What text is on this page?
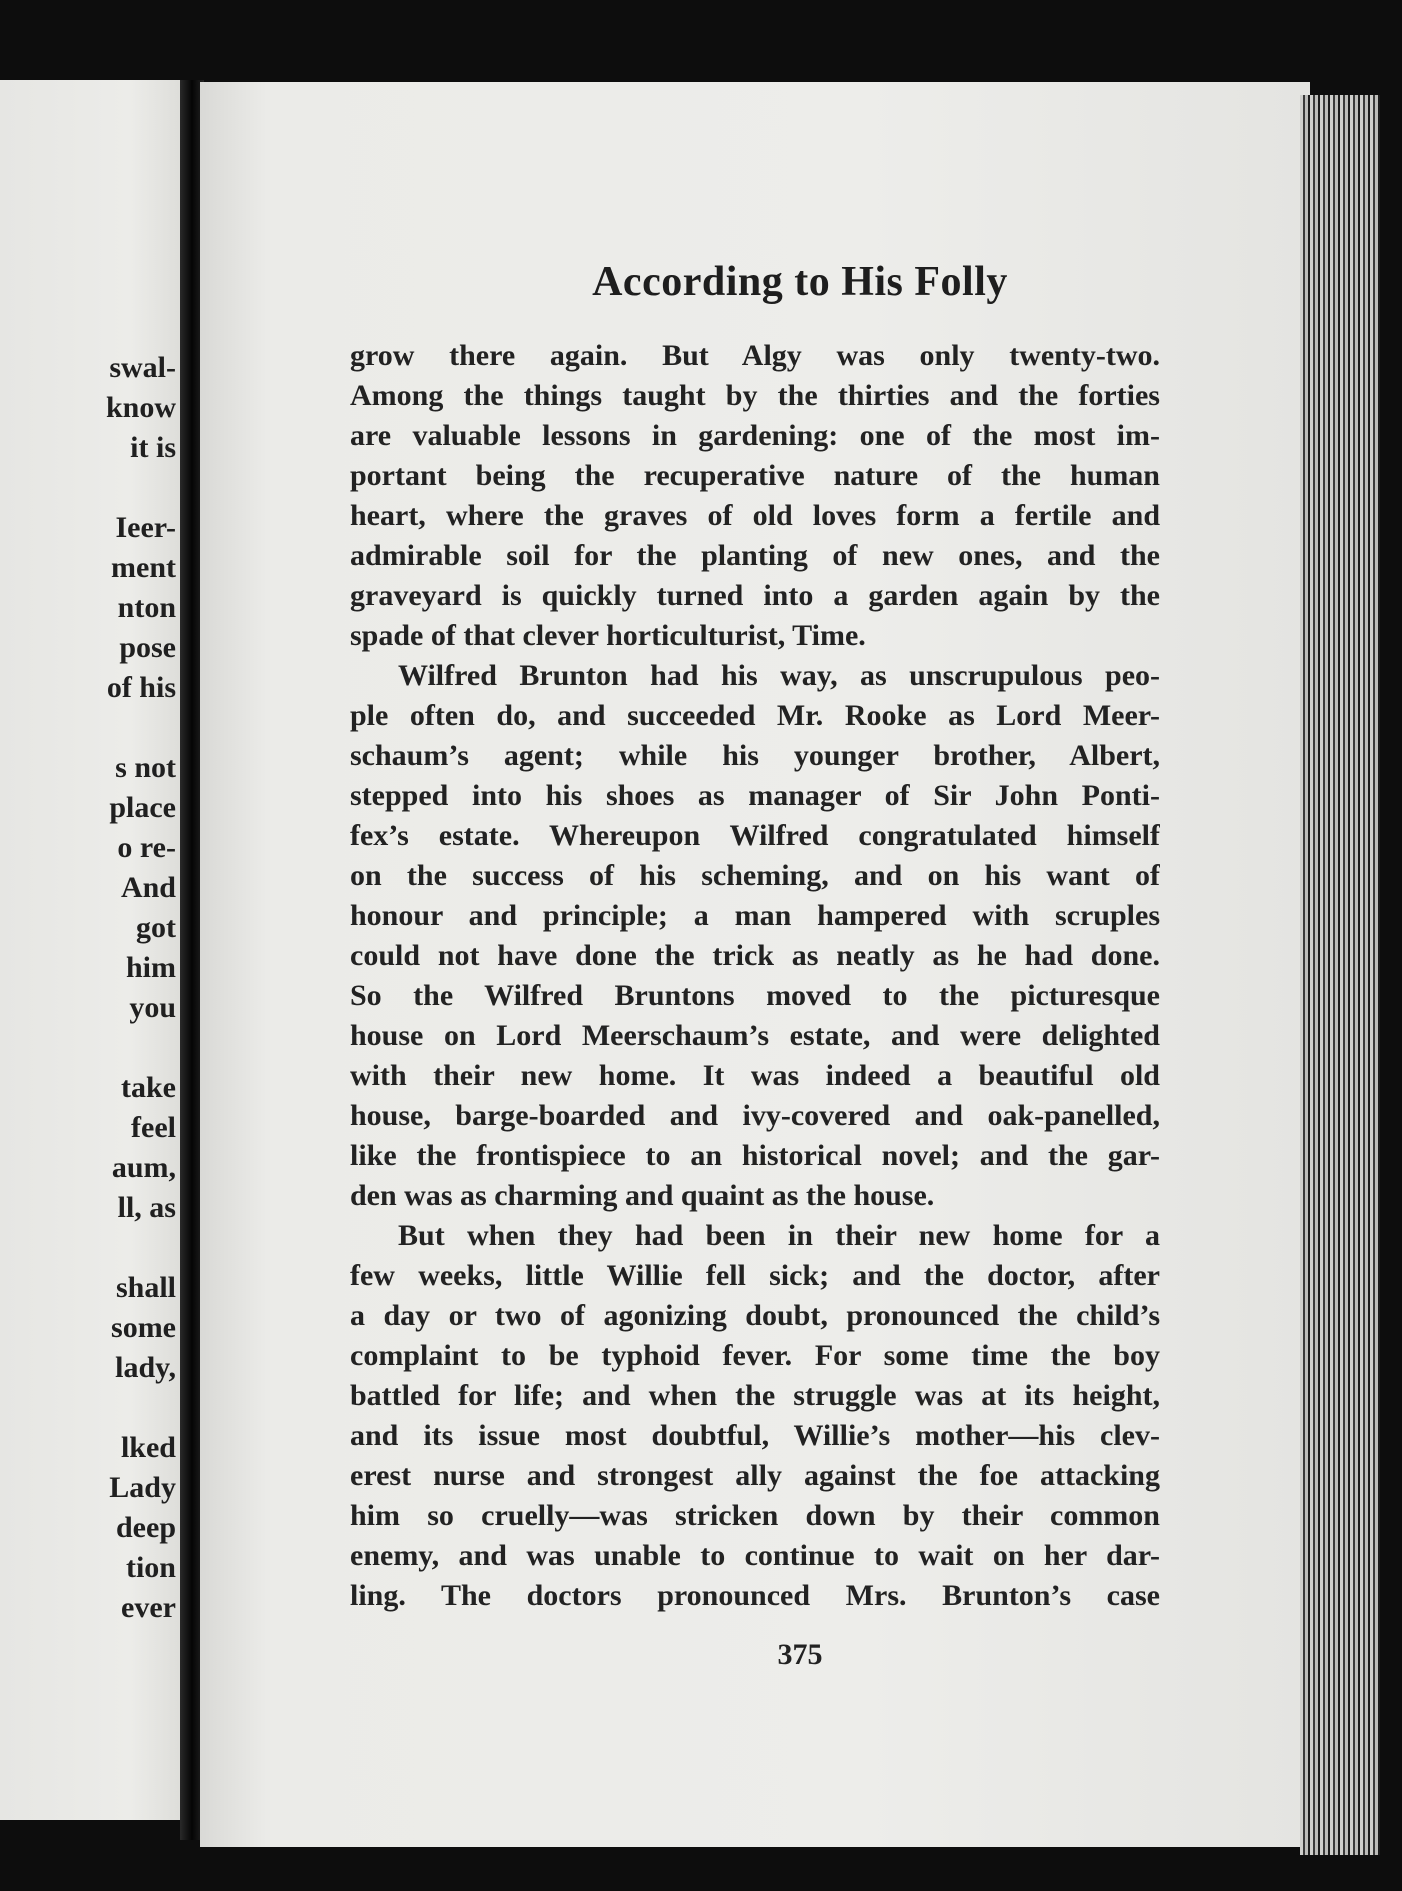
swal-
know
it is
Ieer-
ment
nton
pose
of his
s not
place
o re-
And
got
him
you
take
feel
aum,
ll, as
shall
some
lady,
lked
Lady
deep
tion
ever
According to His Folly
grow there again. But Algy was only twenty-two.
Among the things taught by the thirties and the forties
are valuable lessons in gardening: one of the most im-
portant being the recuperative nature of the human
heart, where the graves of old loves form a fertile and
admirable soil for the planting of new ones, and the
graveyard is quickly turned into a garden again by the
spade of that clever horticulturist, Time.
Wilfred Brunton had his way, as unscrupulous peo-
ple often do, and succeeded Mr. Rooke as Lord Meer-
schaum’s agent; while his younger brother, Albert,
stepped into his shoes as manager of Sir John Ponti-
fex’s estate. Whereupon Wilfred congratulated himself
on the success of his scheming, and on his want of
honour and principle; a man hampered with scruples
could not have done the trick as neatly as he had done.
So the Wilfred Bruntons moved to the picturesque
house on Lord Meerschaum’s estate, and were delighted
with their new home. It was indeed a beautiful old
house, barge-boarded and ivy-covered and oak-panelled,
like the frontispiece to an historical novel; and the gar-
den was as charming and quaint as the house.
But when they had been in their new home for a
few weeks, little Willie fell sick; and the doctor, after
a day or two of agonizing doubt, pronounced the child’s
complaint to be typhoid fever. For some time the boy
battled for life; and when the struggle was at its height,
and its issue most doubtful, Willie’s mother—his clev-
erest nurse and strongest ally against the foe attacking
him so cruelly—was stricken down by their common
enemy, and was unable to continue to wait on her dar-
ling. The doctors pronounced Mrs. Brunton’s case
375
